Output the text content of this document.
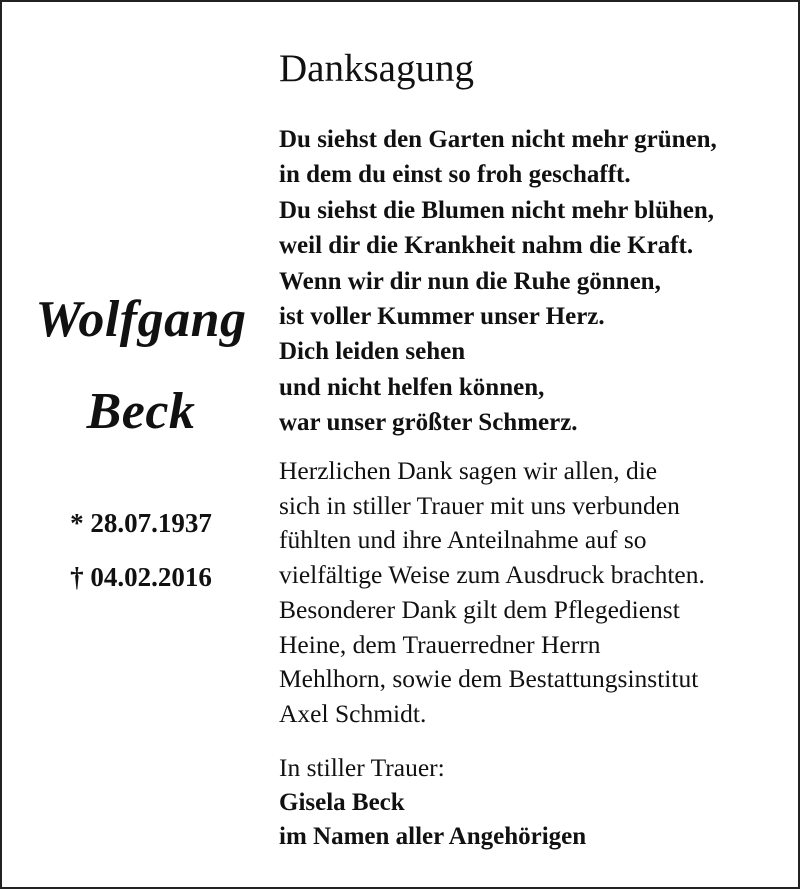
Wolfgang
Beck
* 28.07.1937
† 04.02.2016
Danksagung
Du siehst den Garten nicht mehr grünen,
in dem du einst so froh geschafft.
Du siehst die Blumen nicht mehr blühen,
weil dir die Krankheit nahm die Kraft.
Wenn wir dir nun die Ruhe gönnen,
ist voller Kummer unser Herz.
Dich leiden sehen
und nicht helfen können,
war unser größter Schmerz.
Herzlichen Dank sagen wir allen, die
sich in stiller Trauer mit uns verbunden
fühlten und ihre Anteilnahme auf so
vielfältige Weise zum Ausdruck brachten.
Besonderer Dank gilt dem Pflegedienst
Heine, dem Trauerredner Herrn
Mehlhorn, sowie dem Bestattungsinstitut
Axel Schmidt.
In stiller Trauer:
Gisela Beck
im Namen aller Angehörigen
